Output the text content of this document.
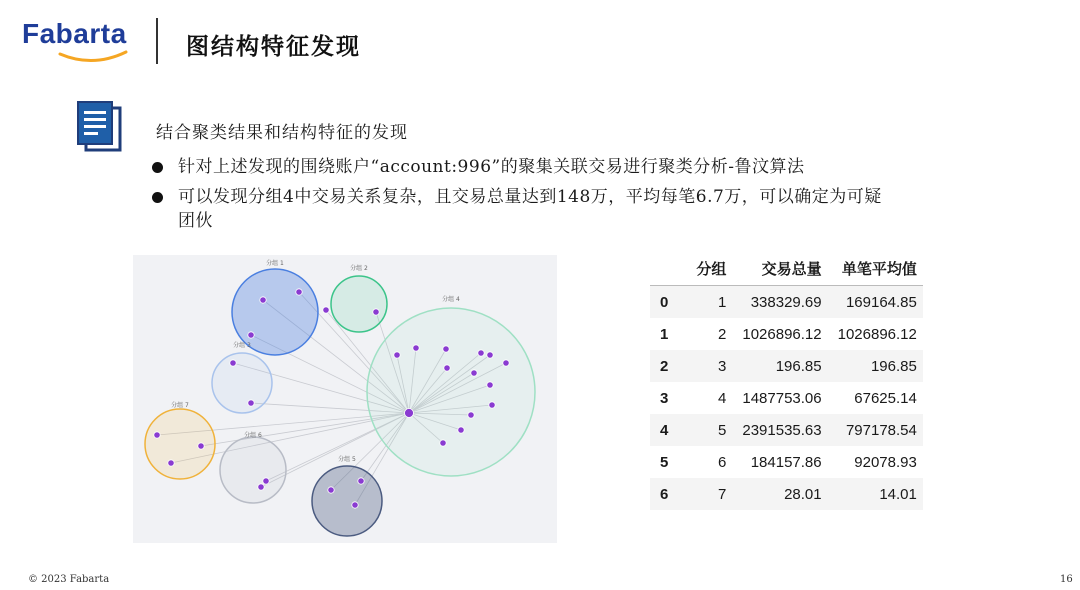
Fabarta	图结构特征发现
结合聚类结果和结构特征的发现
针对上述发现的围绕账户“account:996”的聚集关联交易进行聚类分析-鲁汶算法
可以发现分组4中交易关系复杂，且交易总量达到148万，平均每笔6.7万，可以确定为可疑团伙
分组 1
分组 2
分组 3
分组 4
分组 5
分组 6
分组 7
	分组	交易总量	单笔平均值
0	1	338329.69	169164.85
1	2	1026896.12	1026896.12
2	3	196.85	196.85
3	4	1487753.06	67625.14
4	5	2391535.63	797178.54
5	6	184157.86	92078.93
6	7	28.01	14.01
© 2023 Fabarta	16
